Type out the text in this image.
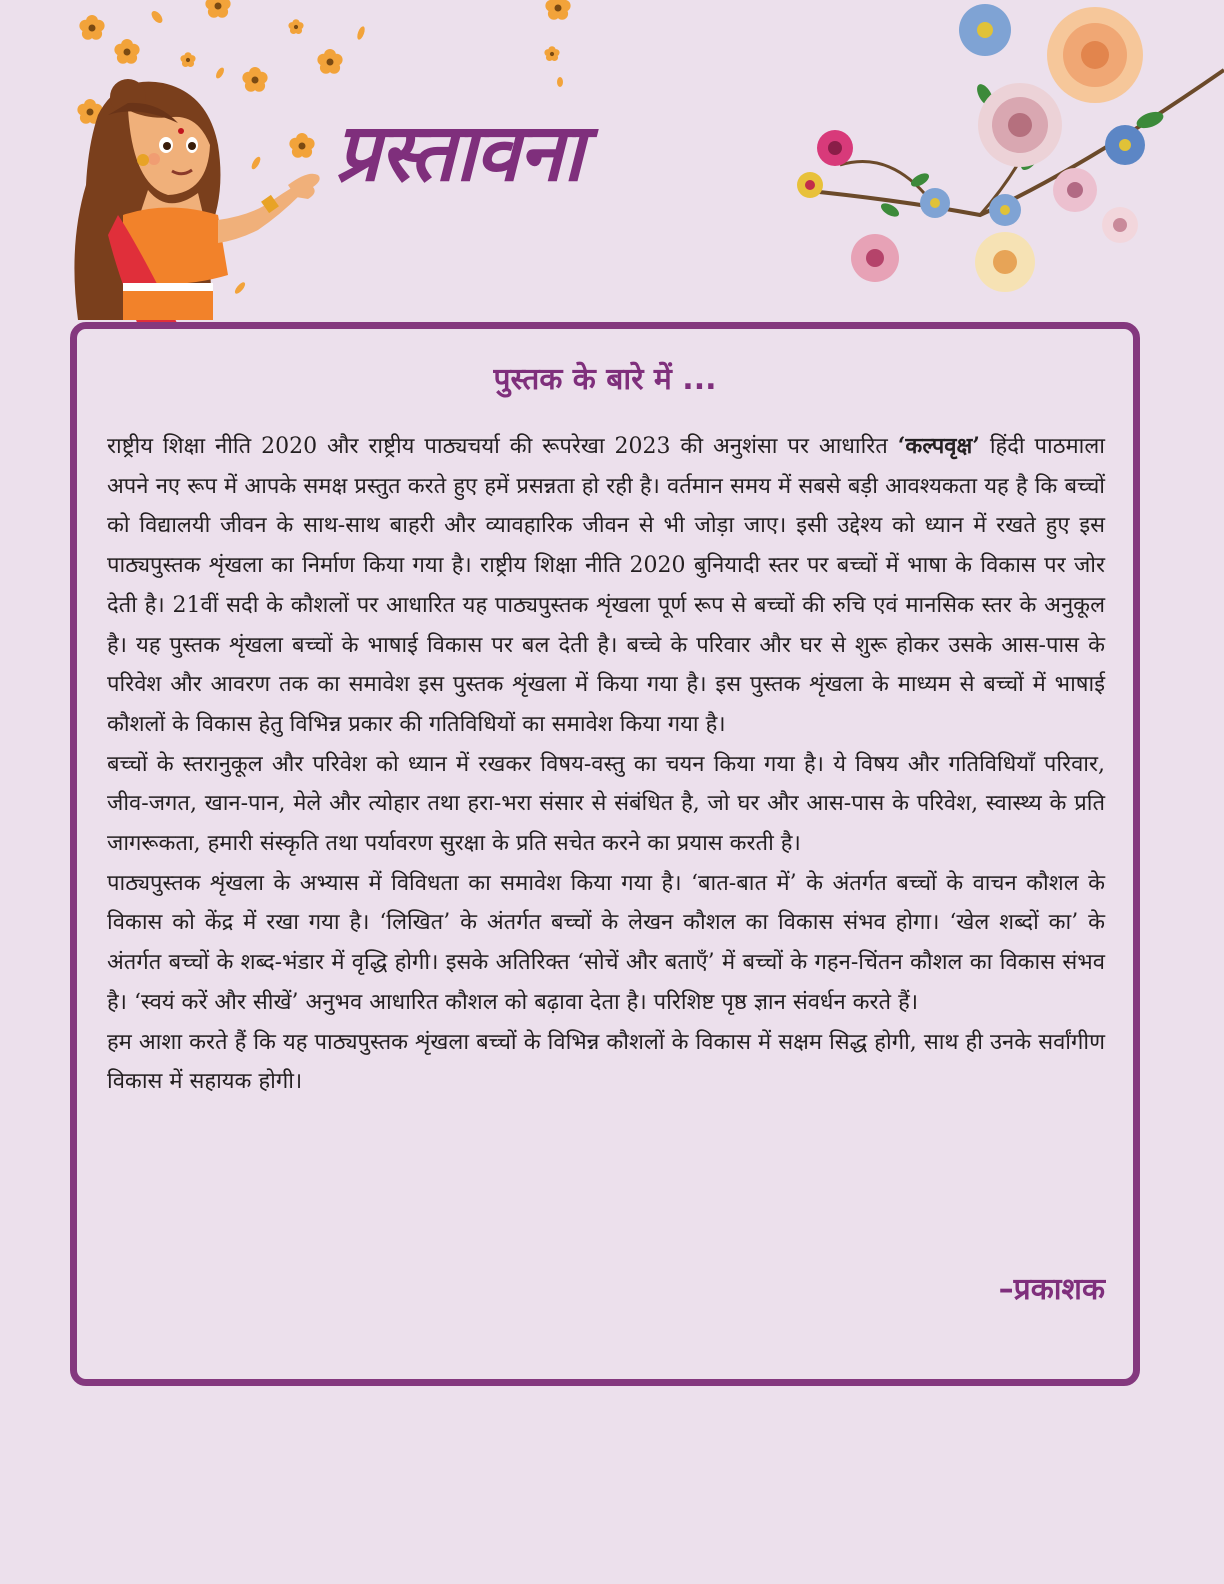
प्रस्तावना
पुस्तक के बारे में ...

राष्ट्रीय शिक्षा नीति 2020 और राष्ट्रीय पाठ्यचर्या की रूपरेखा 2023 की अनुशंसा पर आधारित ‘कल्पवृक्ष’ हिंदी पाठमाला अपने नए रूप में आपके समक्ष प्रस्तुत करते हुए हमें प्रसन्नता हो रही है। वर्तमान समय में सबसे बड़ी आवश्यकता यह है कि बच्चों को विद्यालयी जीवन के साथ-साथ बाहरी और व्यावहारिक जीवन से भी जोड़ा जाए। इसी उद्देश्य को ध्यान में रखते हुए इस पाठ्यपुस्तक शृंखला का निर्माण किया गया है। राष्ट्रीय शिक्षा नीति 2020 बुनियादी स्तर पर बच्चों में भाषा के विकास पर जोर देती है। 21वीं सदी के कौशलों पर आधारित यह पाठ्यपुस्तक शृंखला पूर्ण रूप से बच्चों की रुचि एवं मानसिक स्तर के अनुकूल है। यह पुस्तक शृंखला बच्चों के भाषाई विकास पर बल देती है। बच्चे के परिवार और घर से शुरू होकर उसके आस-पास के परिवेश और आवरण तक का समावेश इस पुस्तक शृंखला में किया गया है। इस पुस्तक शृंखला के माध्यम से बच्चों में भाषाई कौशलों के विकास हेतु विभिन्न प्रकार की गतिविधियों का समावेश किया गया है।

बच्चों के स्तरानुकूल और परिवेश को ध्यान में रखकर विषय-वस्तु का चयन किया गया है। ये विषय और गतिविधियाँ परिवार, जीव-जगत, खान-पान, मेले और त्योहार तथा हरा-भरा संसार से संबंधित है, जो घर और आस-पास के परिवेश, स्वास्थ्य के प्रति जागरूकता, हमारी संस्कृति तथा पर्यावरण सुरक्षा के प्रति सचेत करने का प्रयास करती है।

पाठ्यपुस्तक शृंखला के अभ्यास में विविधता का समावेश किया गया है। ‘बात-बात में’ के अंतर्गत बच्चों के वाचन कौशल के विकास को केंद्र में रखा गया है। ‘लिखित’ के अंतर्गत बच्चों के लेखन कौशल का विकास संभव होगा। ‘खेल शब्दों का’ के अंतर्गत बच्चों के शब्द-भंडार में वृद्धि होगी। इसके अतिरिक्त ‘सोचें और बताएँ’ में बच्चों के गहन-चिंतन कौशल का विकास संभव है। ‘स्वयं करें और सीखें’ अनुभव आधारित कौशल को बढ़ावा देता है। परिशिष्ट पृष्ठ ज्ञान संवर्धन करते हैं।

हम आशा करते हैं कि यह पाठ्यपुस्तक शृंखला बच्चों के विभिन्न कौशलों के विकास में सक्षम सिद्ध होगी, साथ ही उनके सर्वांगीण विकास में सहायक होगी।

–प्रकाशक
